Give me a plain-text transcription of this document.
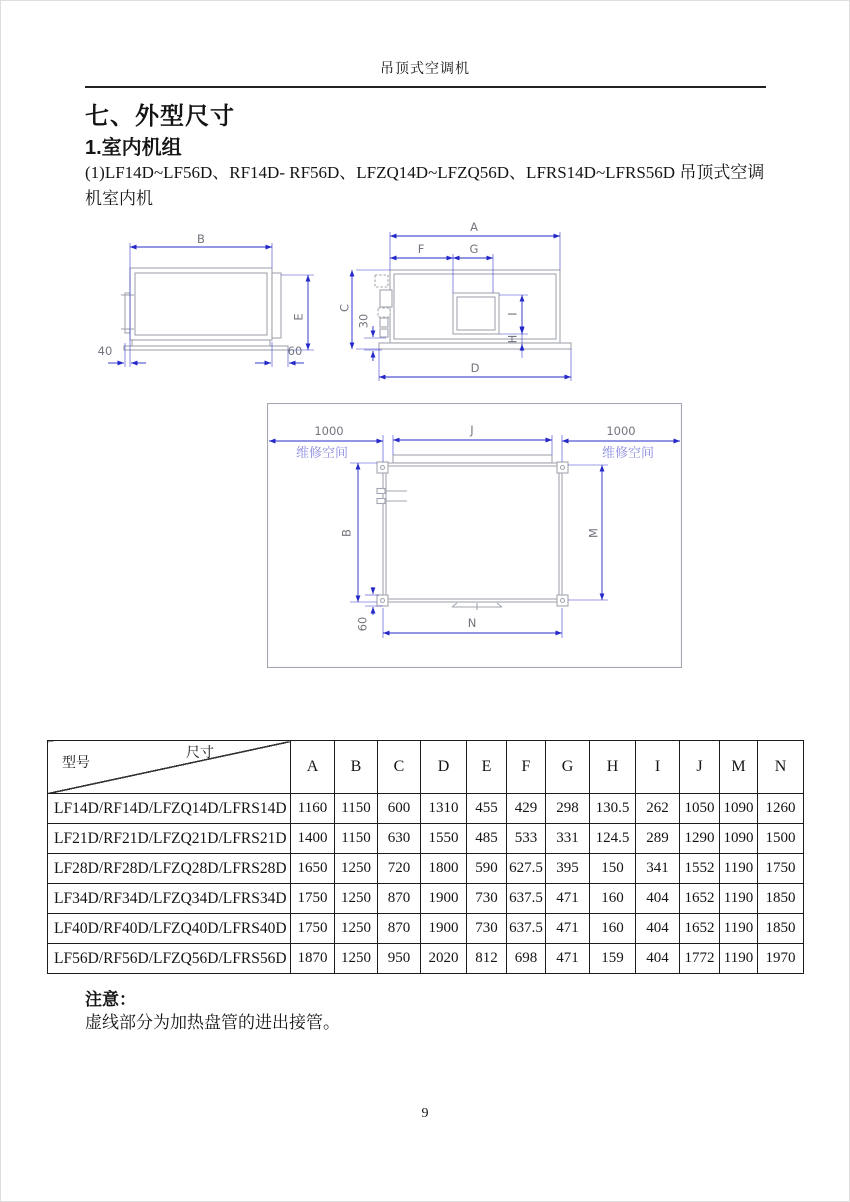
吊顶式空调机
七、外型尺寸
1.室内机组
(1)LF14D~LF56D、RF14D- RF56D、LFZQ14D~LFZQ56D、LFRS14D~LFRS56D 吊顶式空调机室内机
B
E
40	60
A
F	G
C
30	I
H
D
J
1000
维修空间
1000
维修空间
B	M
60	N
尺寸
型号	A	B	C	D	E	F	G	H	I	J	M	N
LF14D/RF14D/LFZQ14D/LFRS14D	1160	1150	600	1310	455	429	298	130.5	262	1050	1090	1260
LF21D/RF21D/LFZQ21D/LFRS21D	1400	1150	630	1550	485	533	331	124.5	289	1290	1090	1500
LF28D/RF28D/LFZQ28D/LFRS28D	1650	1250	720	1800	590	627.5	395	150	341	1552	1190	1750
LF34D/RF34D/LFZQ34D/LFRS34D	1750	1250	870	1900	730	637.5	471	160	404	1652	1190	1850
LF40D/RF40D/LFZQ40D/LFRS40D	1750	1250	870	1900	730	637.5	471	160	404	1652	1190	1850
LF56D/RF56D/LFZQ56D/LFRS56D	1870	1250	950	2020	812	698	471	159	404	1772	1190	1970
注意：
虚线部分为加热盘管的进出接管。
9
